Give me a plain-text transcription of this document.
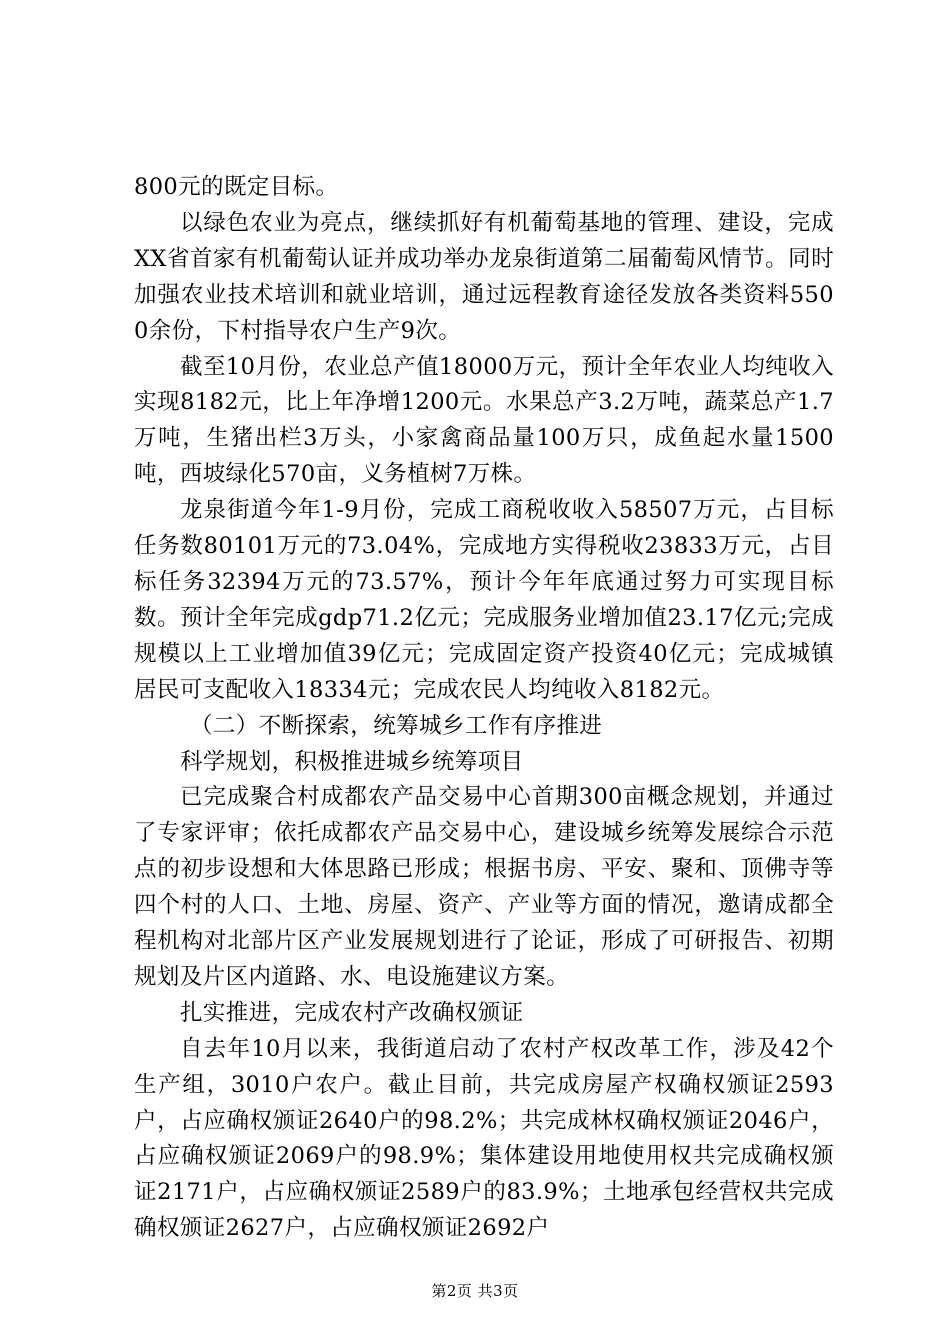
800元的既定目标。

以绿色农业为亮点，继续抓好有机葡萄基地的管理、建设，完成XX省首家有机葡萄认证并成功举办龙泉街道第二届葡萄风情节。同时加强农业技术培训和就业培训，通过远程教育途径发放各类资料5500余份，下村指导农户生产9次。

截至10月份，农业总产值18000万元，预计全年农业人均纯收入实现8182元，比上年净增1200元。水果总产3.2万吨，蔬菜总产1.7万吨，生猪出栏3万头，小家禽商品量100万只，成鱼起水量1500吨，西坡绿化570亩，义务植树7万株。

龙泉街道今年1-9月份，完成工商税收收入58507万元，占目标任务数80101万元的73.04%，完成地方实得税收23833万元，占目标任务32394万元的73.57%，预计今年年底通过努力可实现目标数。预计全年完成gdp71.2亿元；完成服务业增加值23.17亿元;完成规模以上工业增加值39亿元；完成固定资产投资40亿元；完成城镇居民可支配收入18334元；完成农民人均纯收入8182元。

（二）不断探索，统筹城乡工作有序推进

科学规划，积极推进城乡统筹项目

已完成聚合村成都农产品交易中心首期300亩概念规划，并通过了专家评审；依托成都农产品交易中心，建设城乡统筹发展综合示范点的初步设想和大体思路已形成；根据书房、平安、聚和、顶佛寺等四个村的人口、土地、房屋、资产、产业等方面的情况，邀请成都全程机构对北部片区产业发展规划进行了论证，形成了可研报告、初期规划及片区内道路、水、电设施建议方案。

扎实推进，完成农村产改确权颁证

自去年10月以来，我街道启动了农村产权改革工作，涉及42个生产组，3010户农户。截止目前，共完成房屋产权确权颁证2593户，占应确权颁证2640户的98.2%；共完成林权确权颁证2046户，占应确权颁证2069户的98.9%；集体建设用地使用权共完成确权颁证2171户，占应确权颁证2589户的83.9%；土地承包经营权共完成确权颁证2627户，占应确权颁证2692户

第2页 共3页
